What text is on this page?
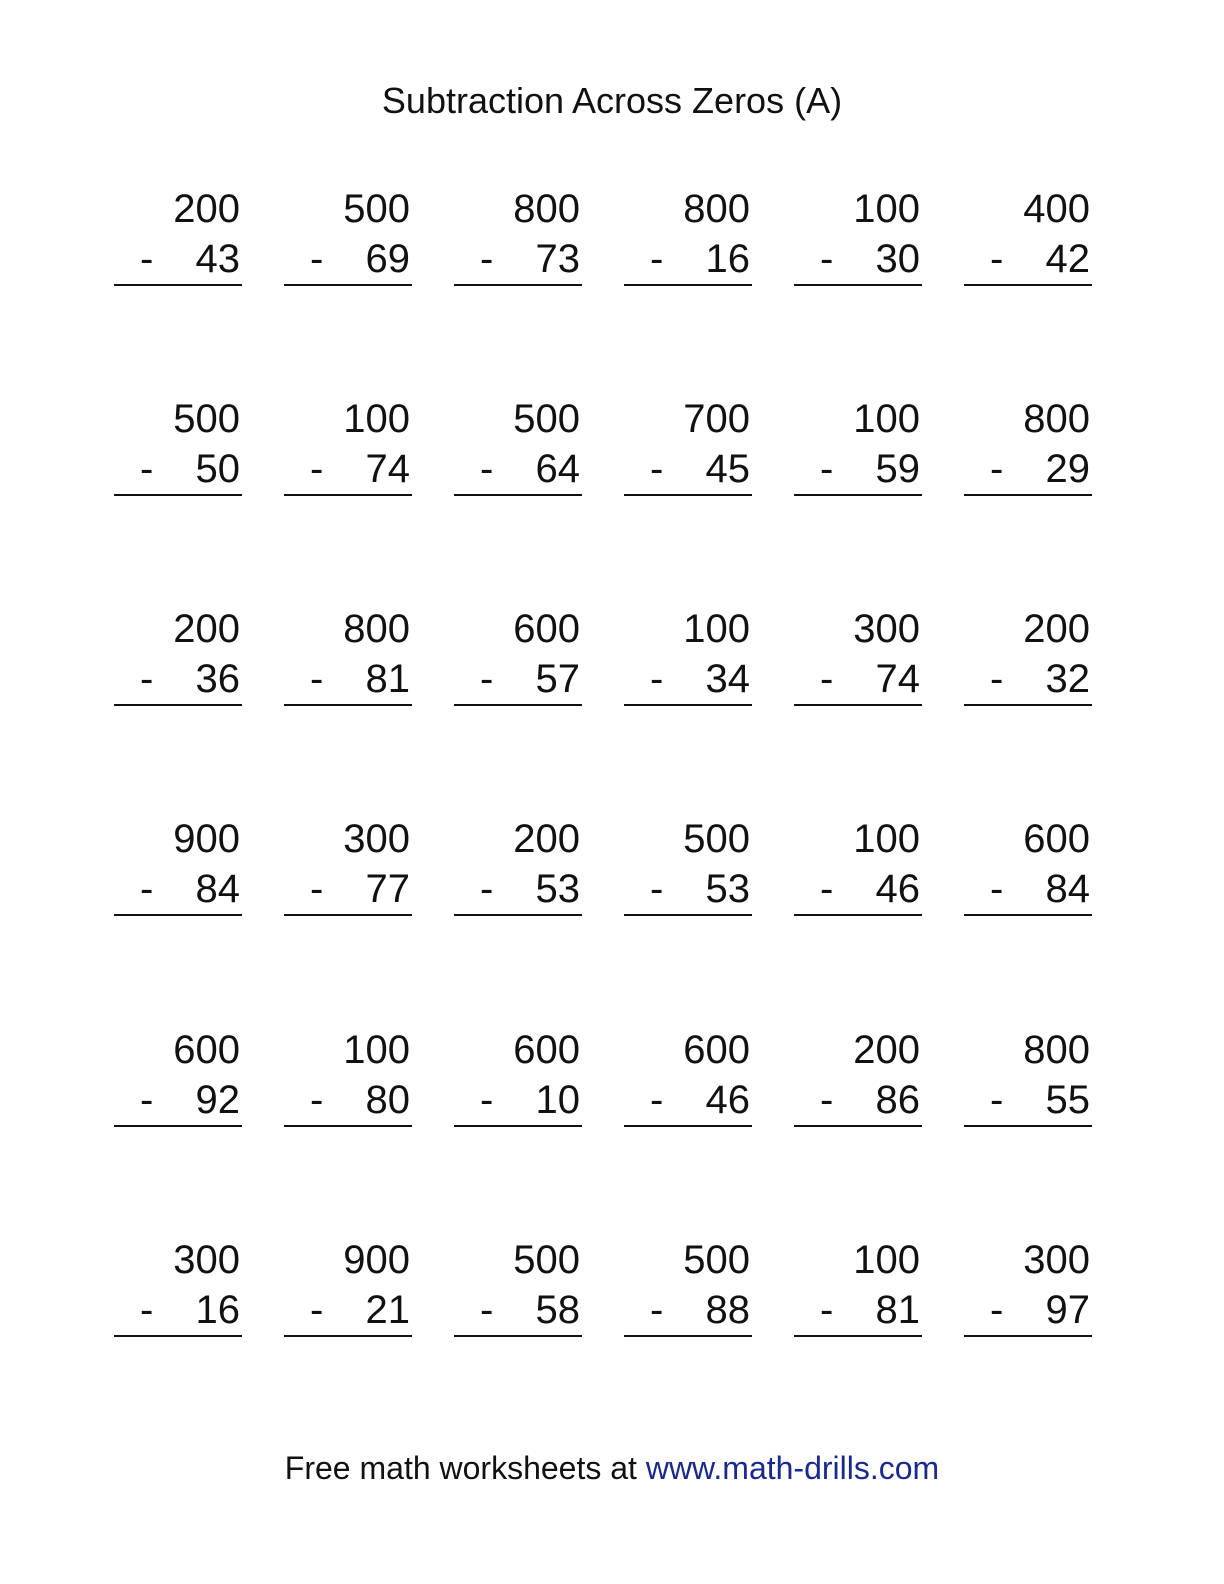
Subtraction Across Zeros (A)
200
- 43
500
- 69
800
- 73
800
- 16
100
- 30
400
- 42
500
- 50
100
- 74
500
- 64
700
- 45
100
- 59
800
- 29
200
- 36
800
- 81
600
- 57
100
- 34
300
- 74
200
- 32
900
- 84
300
- 77
200
- 53
500
- 53
100
- 46
600
- 84
600
- 92
100
- 80
600
- 10
600
- 46
200
- 86
800
- 55
300
- 16
900
- 21
500
- 58
500
- 88
100
- 81
300
- 97
Free math worksheets at www.math-drills.com
